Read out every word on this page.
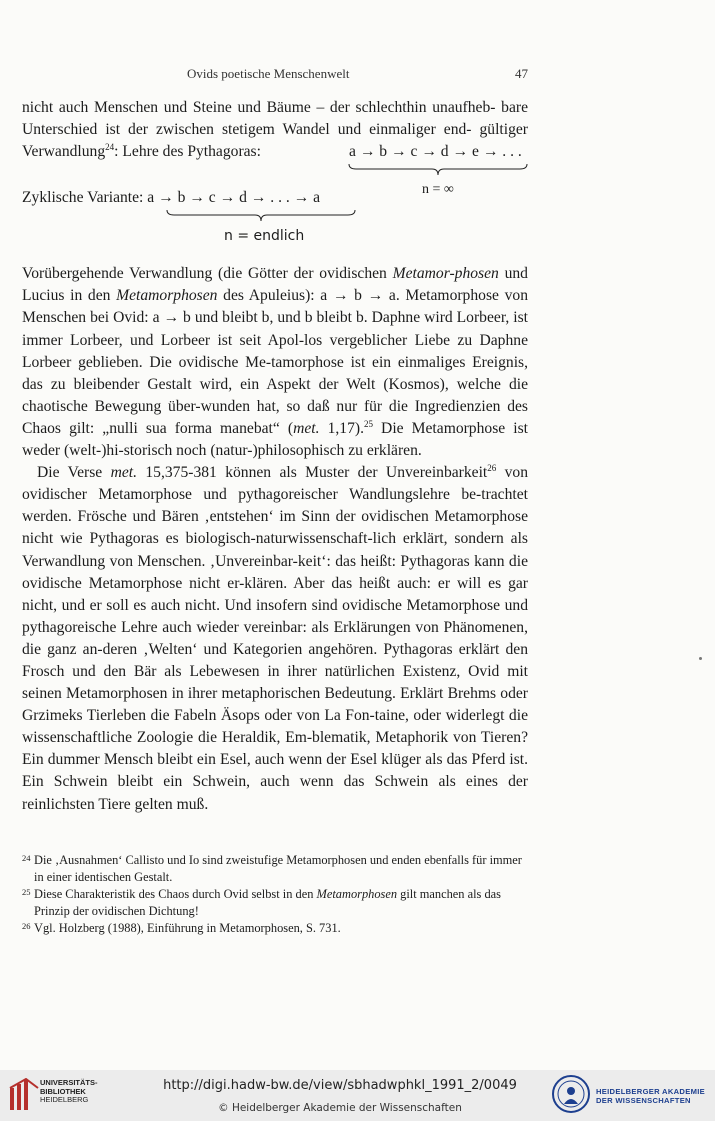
Ovids poetische Menschenwelt	47

nicht auch Menschen und Steine und Bäume – der schlechthin unaufheb- bare Unterschied ist der zwischen stetigem Wandel und einmaliger end- gültiger Verwandlung$^{24}$: Lehre des Pythagoras:	a → b → c → d → e → . . .
n = ∞
Zyklische Variante: a → b → c → d → . . . → a
n = endlich

Vorübergehende Verwandlung (die Götter der ovidischen Metamor-phosen und Lucius in den Metamorphosen des Apuleius): a → b → a. Metamorphose von Menschen bei Ovid: a → b und bleibt b, und b bleibt b. Daphne wird Lorbeer, ist immer Lorbeer, und Lorbeer ist seit Apol-los vergeblicher Liebe zu Daphne Lorbeer geblieben. Die ovidische Me-tamorphose ist ein einmaliges Ereignis, das zu bleibender Gestalt wird, ein Aspekt der Welt (Kosmos), welche die chaotische Bewegung über-wunden hat, so daß nur für die Ingredienzien des Chaos gilt: „nulli sua forma manebat“ (met. 1,17).$^{25}$ Die Metamorphose ist weder (welt-)hi-storisch noch (natur-)philosophisch zu erklären.

Die Verse met. 15,375-381 können als Muster der Unvereinbarkeit$^{26}$ von ovidischer Metamorphose und pythagoreischer Wandlungslehre be-trachtet werden. Frösche und Bären ‚entstehen‘ im Sinn der ovidischen Metamorphose nicht wie Pythagoras es biologisch-naturwissenschaft-lich erklärt, sondern als Verwandlung von Menschen. ‚Unvereinbar-keit‘: das heißt: Pythagoras kann die ovidische Metamorphose nicht er-klären. Aber das heißt auch: er will es gar nicht, und er soll es auch nicht. Und insofern sind ovidische Metamorphose und pythagoreische Lehre auch wieder vereinbar: als Erklärungen von Phänomenen, die ganz an-deren ‚Welten‘ und Kategorien angehören. Pythagoras erklärt den Frosch und den Bär als Lebewesen in ihrer natürlichen Existenz, Ovid mit seinen Metamorphosen in ihrer metaphorischen Bedeutung. Erklärt Brehms oder Grzimeks Tierleben die Fabeln Äsops oder von La Fon-taine, oder widerlegt die wissenschaftliche Zoologie die Heraldik, Em-blematik, Metaphorik von Tieren? Ein dummer Mensch bleibt ein Esel, auch wenn der Esel klüger als das Pferd ist. Ein Schwein bleibt ein Schwein, auch wenn das Schwein als eines der reinlichsten Tiere gelten muß.

24 Die ‚Ausnahmen‘ Callisto und Io sind zweistufige Metamorphosen und enden ebenfalls für immer in einer identischen Gestalt.
25 Diese Charakteristik des Chaos durch Ovid selbst in den Metamorphosen gilt manchen als das Prinzip der ovidischen Dichtung!
26 Vgl. Holzberg (1988), Einführung in Metamorphosen, S. 731.
UNIVERSITÄTS-
BIBLIOTHEK
HEIDELBERG
http://digi.hadw-bw.de/view/sbhadwphkl_1991_2/0049
© Heidelberger Akademie der Wissenschaften
HEIDELBERGER AKADEMIE
DER WISSENSCHAFTEN
